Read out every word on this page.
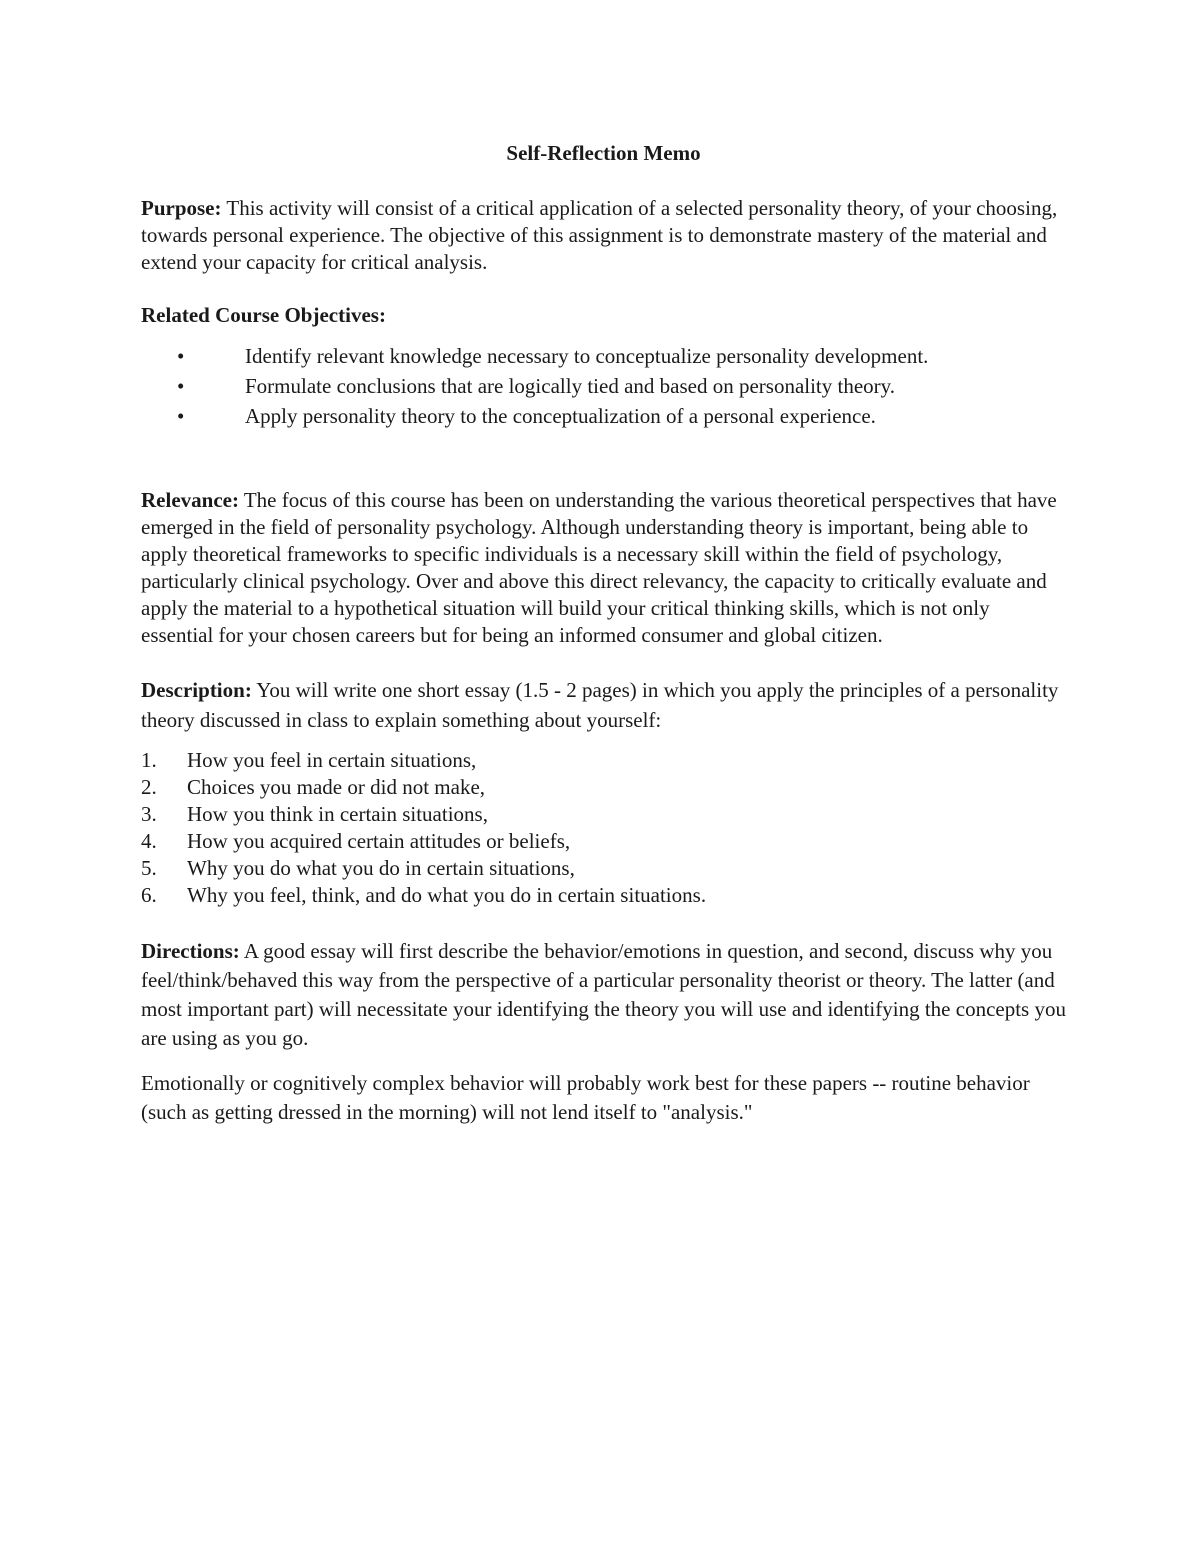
Self-Reflection Memo

Purpose: This activity will consist of a critical application of a selected personality theory, of your choosing, towards personal experience. The objective of this assignment is to demonstrate mastery of the material and extend your capacity for critical analysis.

Related Course Objectives:

•	Identify relevant knowledge necessary to conceptualize personality development.
•	Formulate conclusions that are logically tied and based on personality theory.
•	Apply personality theory to the conceptualization of a personal experience.

Relevance: The focus of this course has been on understanding the various theoretical perspectives that have emerged in the field of personality psychology. Although understanding theory is important, being able to apply theoretical frameworks to specific individuals is a necessary skill within the field of psychology, particularly clinical psychology. Over and above this direct relevancy, the capacity to critically evaluate and apply the material to a hypothetical situation will build your critical thinking skills, which is not only essential for your chosen careers but for being an informed consumer and global citizen.

Description: You will write one short essay (1.5 - 2 pages) in which you apply the principles of a personality theory discussed in class to explain something about yourself:

1. How you feel in certain situations,
2. Choices you made or did not make,
3. How you think in certain situations,
4. How you acquired certain attitudes or beliefs,
5. Why you do what you do in certain situations,
6. Why you feel, think, and do what you do in certain situations.

Directions: A good essay will first describe the behavior/emotions in question, and second, discuss why you feel/think/behaved this way from the perspective of a particular personality theorist or theory. The latter (and most important part) will necessitate your identifying the theory you will use and identifying the concepts you are using as you go.

Emotionally or cognitively complex behavior will probably work best for these papers -- routine behavior (such as getting dressed in the morning) will not lend itself to "analysis."
